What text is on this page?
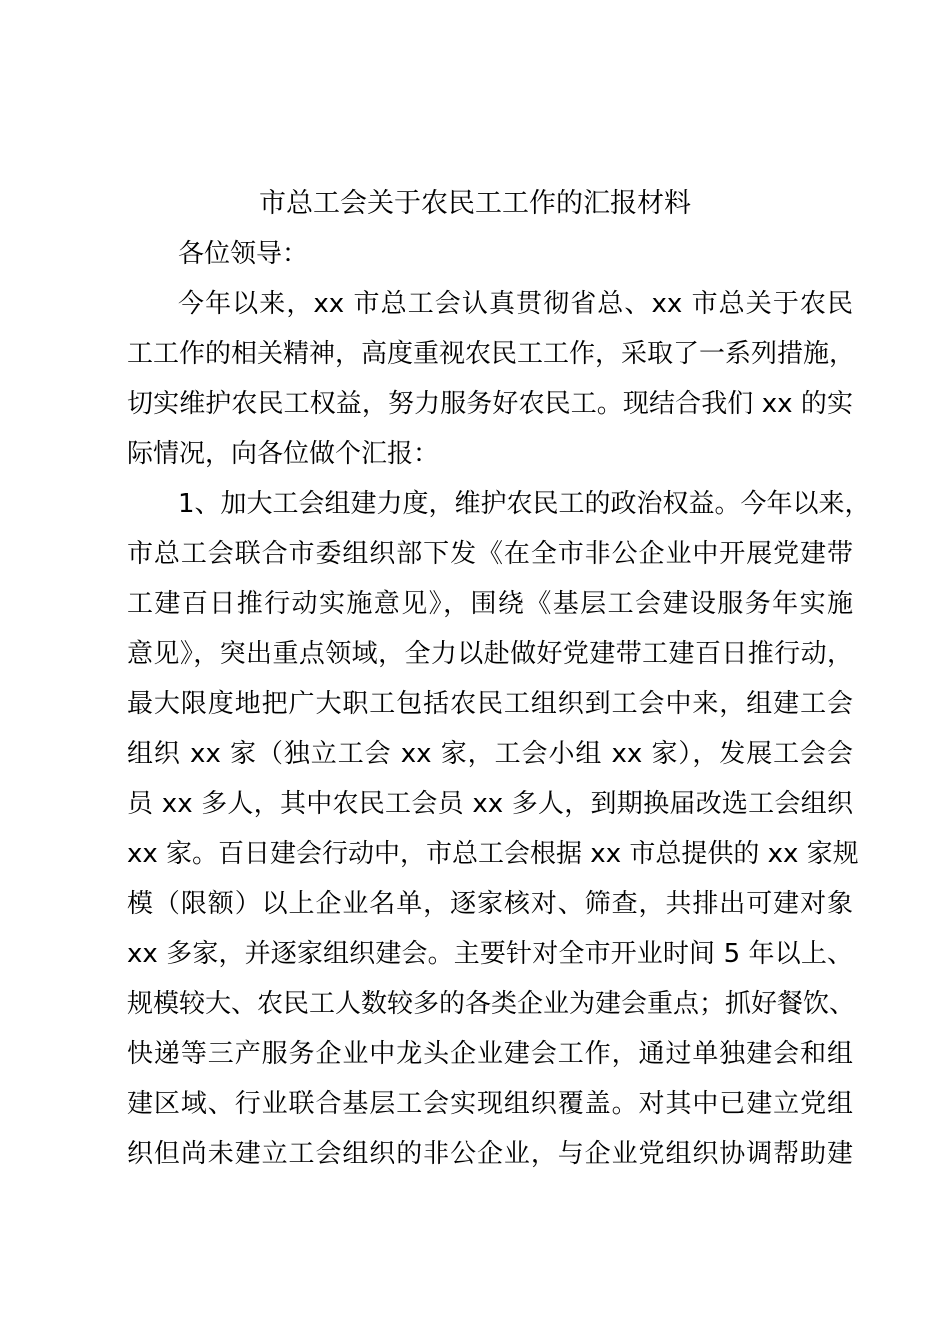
市总工会关于农民工工作的汇报材料
各位领导：
今年以来，xx 市总工会认真贯彻省总、xx 市总关于农民
工工作的相关精神，高度重视农民工工作，采取了一系列措施，
切实维护农民工权益，努力服务好农民工。现结合我们 xx 的实
际情况，向各位做个汇报：
1、加大工会组建力度，维护农民工的政治权益。今年以来，
市总工会联合市委组织部下发《在全市非公企业中开展党建带
工建百日推行动实施意见》，围绕《基层工会建设服务年实施
意见》，突出重点领域，全力以赴做好党建带工建百日推行动，
最大限度地把广大职工包括农民工组织到工会中来，组建工会
组织 xx 家（独立工会 xx 家，工会小组 xx 家），发展工会会
员 xx 多人，其中农民工会员 xx 多人，到期换届改选工会组织
xx 家。百日建会行动中，市总工会根据 xx 市总提供的 xx 家规
模（限额）以上企业名单，逐家核对、筛查，共排出可建对象
xx 多家，并逐家组织建会。主要针对全市开业时间 5 年以上、
规模较大、农民工人数较多的各类企业为建会重点；抓好餐饮、
快递等三产服务企业中龙头企业建会工作，通过单独建会和组
建区域、行业联合基层工会实现组织覆盖。对其中已建立党组
织但尚未建立工会组织的非公企业，与企业党组织协调帮助建
